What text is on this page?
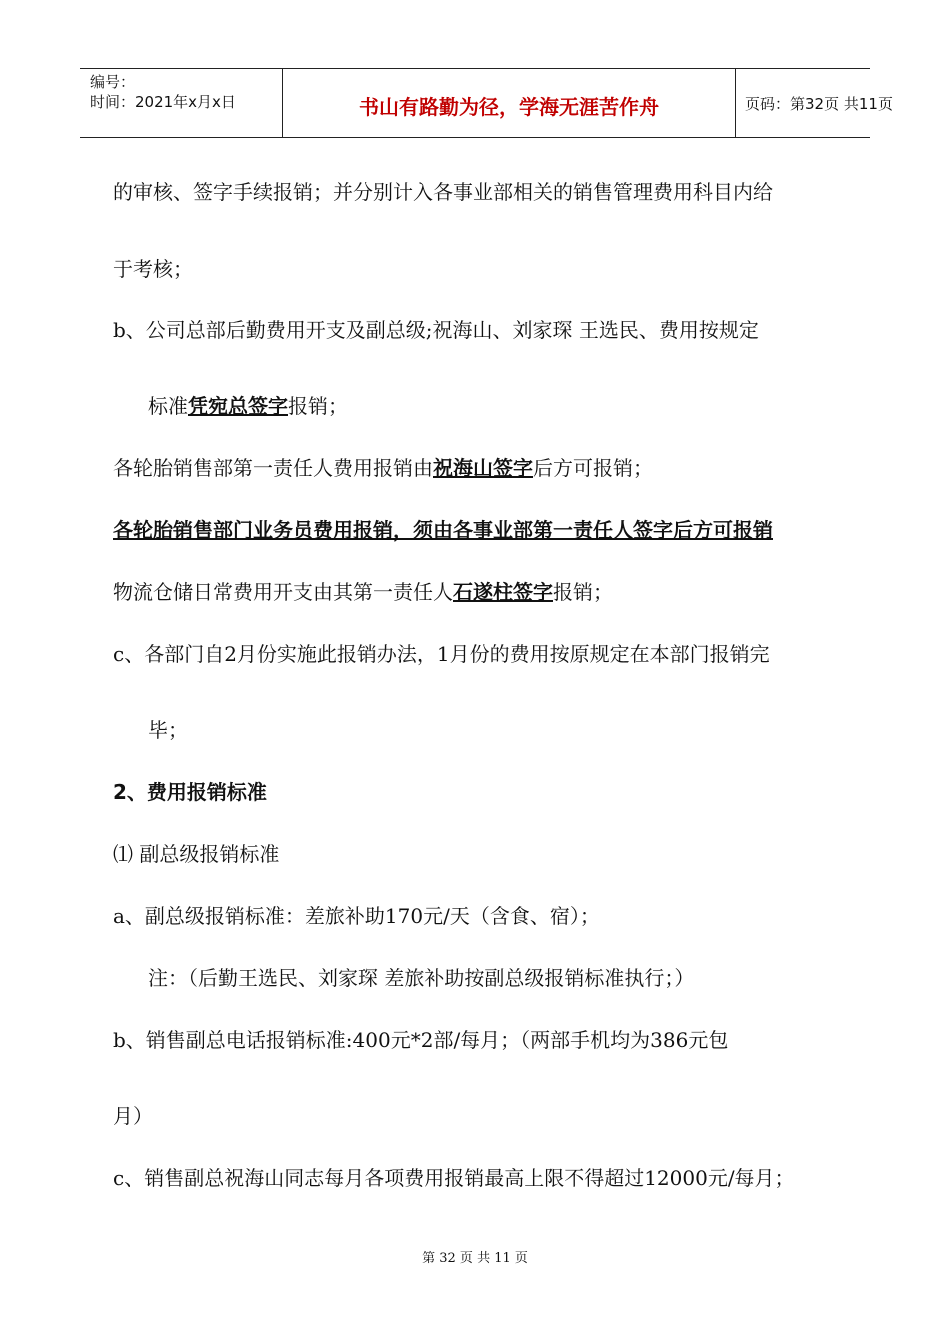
编号：
时间：2021年x月x日	书山有路勤为径，学海无涯苦作舟	页码：第32页 共11页
的审核、签字手续报销；并分别计入各事业部相关的销售管理费用科目内给
于考核；
b、公司总部后勤费用开支及副总级;祝海山、刘家琛 王选民、费用按规定
标准凭宛总签字报销；
各轮胎销售部第一责任人费用报销由祝海山签字后方可报销；
各轮胎销售部门业务员费用报销，须由各事业部第一责任人签字后方可报销
物流仓储日常费用开支由其第一责任人石遂柱签字报销；
c、各部门自2月份实施此报销办法，1月份的费用按原规定在本部门报销完
毕；
2、费用报销标准
⑴ 副总级报销标准
a、副总级报销标准：差旅补助170元/天（含食、宿）；
注：（后勤王选民、刘家琛 差旅补助按副总级报销标准执行；）
b、销售副总电话报销标准:400元*2部/每月；（两部手机均为386元包
月）
c、销售副总祝海山同志每月各项费用报销最高上限不得超过12000元/每月；
第 32 页 共 11 页
